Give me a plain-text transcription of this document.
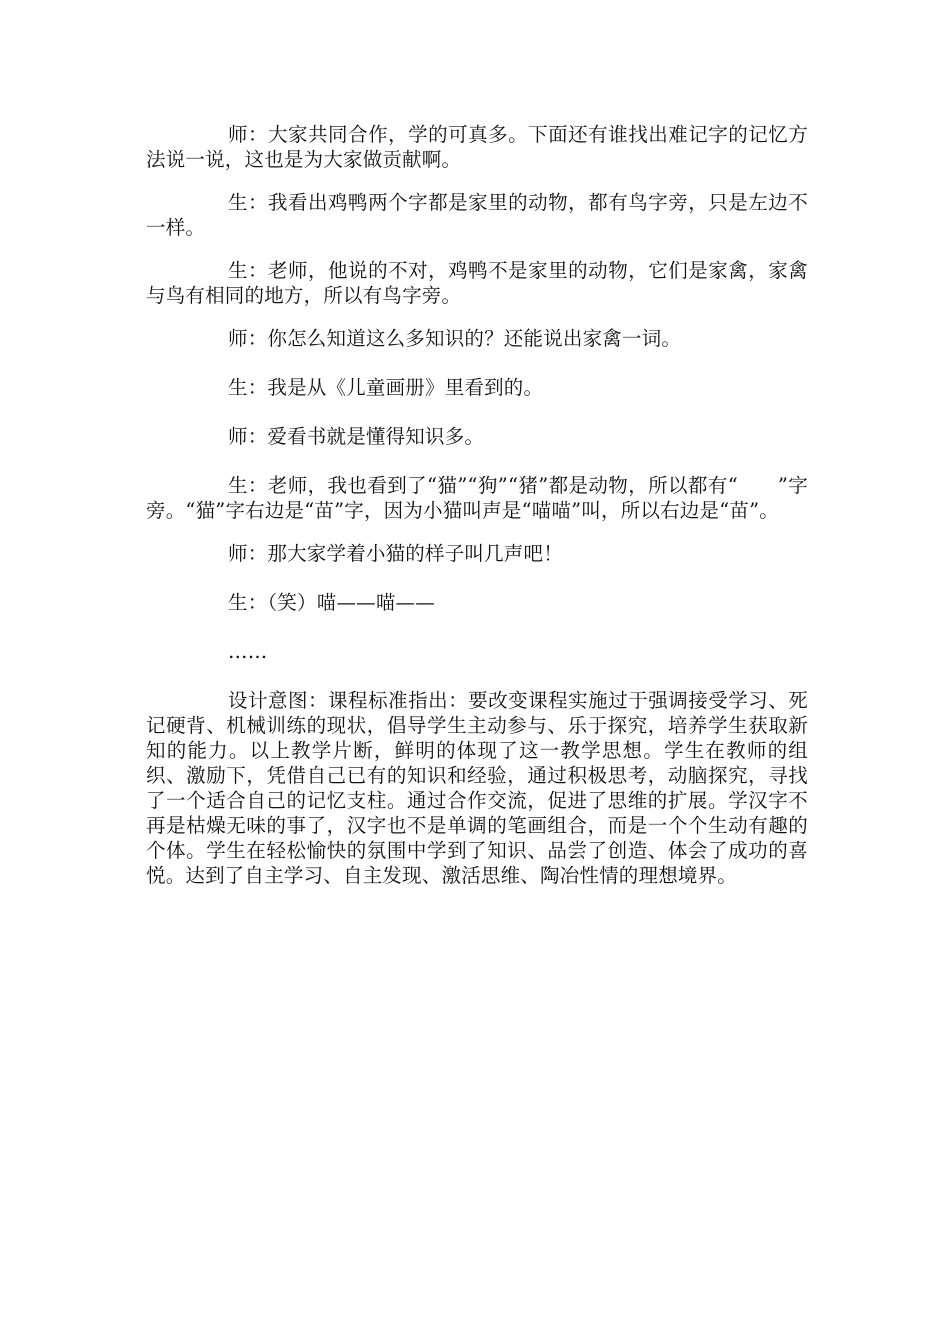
师：大家共同合作，学的可真多。下面还有谁找出难记字的记忆方法说一说，这也是为大家做贡献啊。

生：我看出鸡鸭两个字都是家里的动物，都有鸟字旁，只是左边不一样。

生：老师，他说的不对，鸡鸭不是家里的动物，它们是家禽，家禽与鸟有相同的地方，所以有鸟字旁。

师：你怎么知道这么多知识的？还能说出家禽一词。

生：我是从《儿童画册》里看到的。

师：爱看书就是懂得知识多。

生：老师，我也看到了“猫”“狗”“猪”都是动物，所以都有“　　”字旁。“猫”字右边是“苗”字，因为小猫叫声是“喵喵”叫，所以右边是“苗”。

师：那大家学着小猫的样子叫几声吧！

生：（笑）喵——喵——

……

设计意图：课程标准指出：要改变课程实施过于强调接受学习、死记硬背、机械训练的现状，倡导学生主动参与、乐于探究，培养学生获取新知的能力。以上教学片断，鲜明的体现了这一教学思想。学生在教师的组织、激励下，凭借自己已有的知识和经验，通过积极思考，动脑探究，寻找了一个适合自己的记忆支柱。通过合作交流，促进了思维的扩展。学汉字不再是枯燥无味的事了，汉字也不是单调的笔画组合，而是一个个生动有趣的个体。学生在轻松愉快的氛围中学到了知识、品尝了创造、体会了成功的喜悦。达到了自主学习、自主发现、激活思维、陶冶性情的理想境界。
